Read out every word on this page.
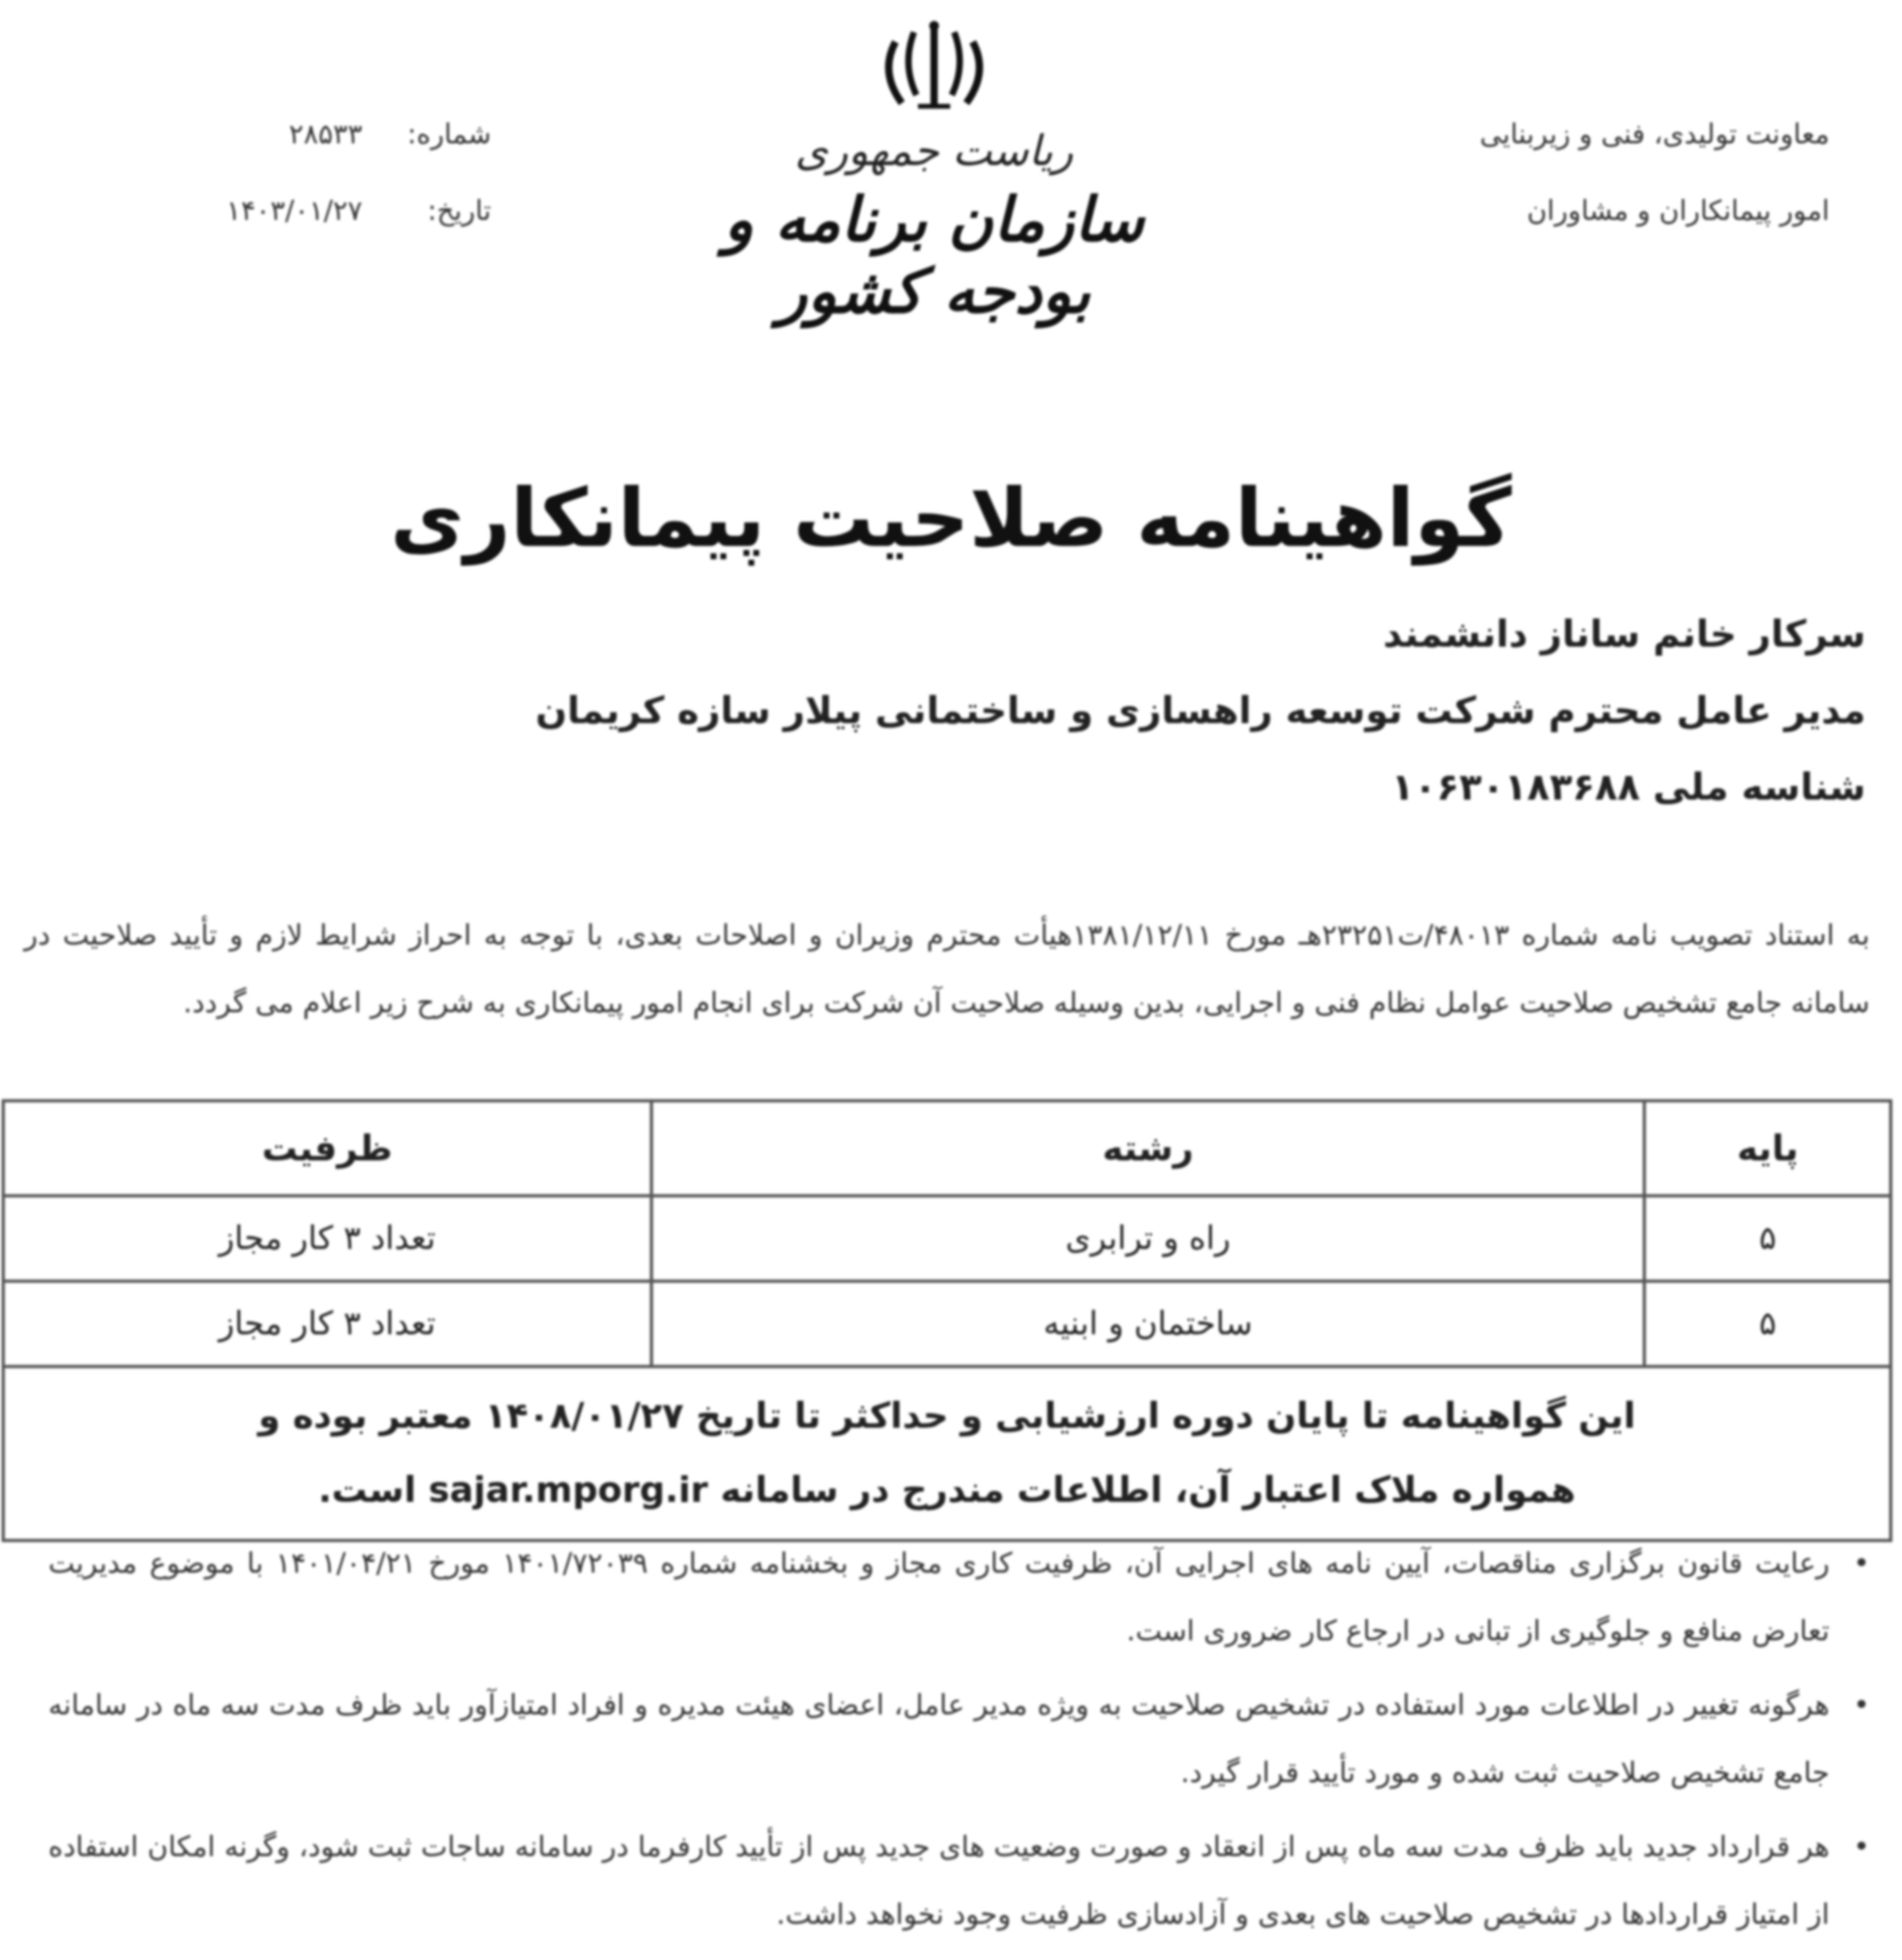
معاونت تولیدی، فنی و زیربنایی
امور پیمانکاران و مشاوران
ریاست جمهوری
سازمان برنامه و بودجه کشور
شماره:
۲۸۵۳۳
تاریخ:
۱۴۰۳/۰۱/۲۷
گواهینامه صلاحیت پیمانکاری
سرکار خانم ساناز دانشمند
مدیر عامل محترم شرکت توسعه راهسازی و ساختمانی پیلار سازه کریمان
شناسه ملی ۱۰۶۳۰۱۸۳۶۸۸
به استناد تصویب نامه شماره ۴۸۰۱۳/ت۲۳۲۵۱هـ مورخ ۱۳۸۱/۱۲/۱۱هیأت محترم وزیران و اصلاحات بعدی، با توجه به احراز شرایط لازم و تأیید صلاحیت در سامانه جامع تشخیص صلاحیت عوامل نظام فنی و اجرایی، بدین وسیله صلاحیت آن شرکت برای انجام امور پیمانکاری به شرح زیر اعلام می گردد.
پایه	رشته	ظرفیت
۵	راه و ترابری	تعداد ۳ کار مجاز
۵	ساختمان و ابنیه	تعداد ۳ کار مجاز

این گواهینامه تا پایان دوره ارزشیابی و حداکثر تا تاریخ ۱۴۰۸/۰۱/۲۷ معتبر بوده و
همواره ملاک اعتبار آن، اطلاعات مندرج در سامانه sajar.mporg.ir است.		
•
رعایت قانون برگزاری مناقصات، آیین نامه های اجرایی آن، ظرفیت کاری مجاز و بخشنامه شماره ۱۴۰۱/۷۲۰۳۹ مورخ ۱۴۰۱/۰۴/۲۱ با موضوع مدیریت تعارض منافع و جلوگیری از تبانی در ارجاع کار ضروری است.
•
هرگونه تغییر در اطلاعات مورد استفاده در تشخیص صلاحیت به ویژه مدیر عامل، اعضای هیئت مدیره و افراد امتیازآور باید ظرف مدت سه ماه در سامانه جامع تشخیص صلاحیت ثبت شده و مورد تأیید قرار گیرد.
•
هر قرارداد جدید باید ظرف مدت سه ماه پس از انعقاد و صورت وضعیت های جدید پس از تأیید کارفرما در سامانه ساجات ثبت شود، وگرنه امکان استفاده از امتیاز قراردادها در تشخیص صلاحیت های بعدی و آزادسازی ظرفیت وجود نخواهد داشت.
